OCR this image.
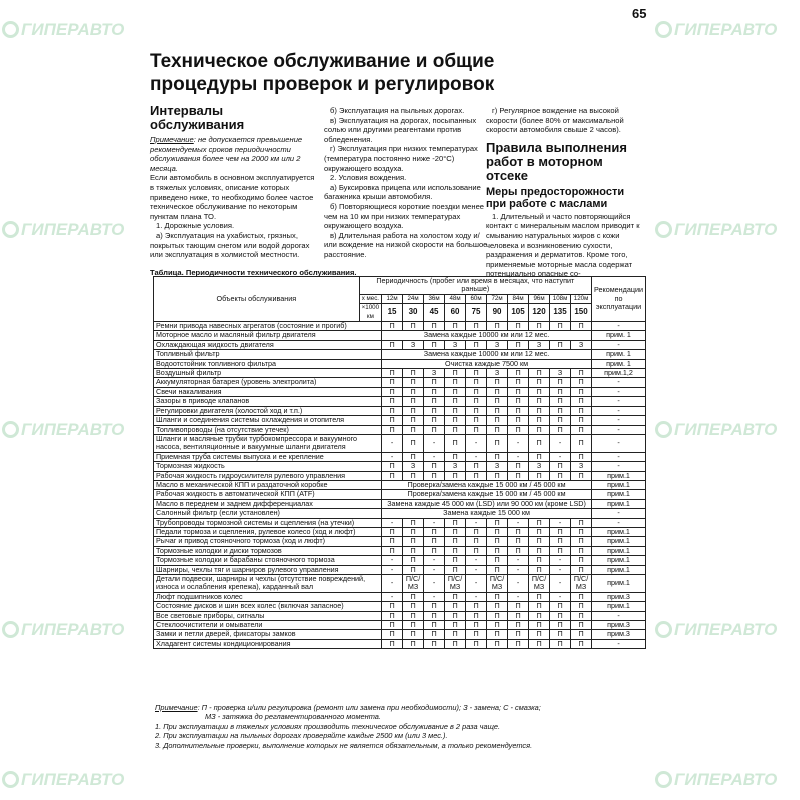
ГИПЕРАВТО	ГИПЕРАВТО
ГИПЕРАВТО	ГИПЕРАВТО
ГИПЕРАВТО	ГИПЕРАВТО
ГИПЕРАВТО	ГИПЕРАВТО
ГИПЕРАВТО	ГИПЕРАВТО
65
Техническое обслуживание и общие
процедуры проверок и регулировок
Интервалы
обслуживания

Примечание: не допускается превышение рекомендуемых сроков периодичности обслуживания более чем на 2000 км или 2 месяца.

Если автомобиль в основном эксплуатируется в тяжелых условиях, описание которых приведено ниже, то необходимо более частое техническое обслуживание по некоторым пунктам плана ТО.

1. Дорожные условия.

а) Эксплуатация на ухабистых, грязных, покрытых тающим снегом или водой дорогах или эксплуатация в холмистой местности.

б) Эксплуатация на пыльных дорогах.

в) Эксплуатация на дорогах, посыпанных солью или другими реагентами против обледенения.

г) Эксплуатация при низких температурах (температура постоянно ниже -20°С) окружающего воздуха.

2. Условия вождения.

а) Буксировка прицепа или использование багажника крыши автомобиля.

б) Повторяющиеся короткие поездки менее чем на 10 км при низких температурах окружающего воздуха.

в) Длительная работа на холостом ходу и/или вождение на низкой скорости на большое расстояние.

г) Регулярное вождение на высокой скорости (более 80% от максимальной скорости автомобиля свыше 2 часов).

Правила выполнения
работ в моторном отсеке
Меры предосторожности
при работе с маслами

1. Длительный и часто повторяющийся контакт с минеральным маслом приводит к смыванию натуральных жиров с кожи человека и возникновению сухости, раздражения и дерматитов. Кроме того, применяемые моторные масла содержат потенциально опасные со-

Таблица. Периодичности технического обслуживания.
Объекты обслуживания	Периодичность (пробег или время в месяцах, что наступит раньше)											Рекомендации по эксплуатации
	х мес.	12м	24м	36м	48м	60м	72м	84м	96м	108м	120м	
	×1000 км	15	30	45	60	75	90	105	120	135	150	
Ремни привода навесных агрегатов (состояние и прогиб)		П	П	П	П	П	П	П	П	П	П	-
Моторное масло и масляный фильтр двигателя		Замена каждые 10000 км или 12 мес.										прим. 1
Охлаждающая жидкость двигателя		П	З	П	З	П	З	П	З	П	З	-
Топливный фильтр		Замена каждые 10000 км или 12 мес.										прим. 1
Водоотстойник топливного фильтра		Очистка каждые 7500 км										прим. 1
Воздушный фильтр		П	П	З	П	П	З	П	П	З	П	прим.1,2
Аккумуляторная батарея (уровень электролита)		П	П	П	П	П	П	П	П	П	П	-
Свечи накаливания		П	П	П	П	П	П	П	П	П	П	-
Зазоры в приводе клапанов		П	П	П	П	П	П	П	П	П	П	-
Регулировки двигателя (холостой ход и т.п.)		П	П	П	П	П	П	П	П	П	П	-
Шланги и соединения системы охлаждения и отопителя		П	П	П	П	П	П	П	П	П	П	-
Топливопроводы (на отсутствие утечек)		П	П	П	П	П	П	П	П	П	П	-
Шланги и масляные трубки турбокомпрессора и вакуумного насоса, вентиляционные и вакуумные шланги двигателя		-	П	-	П	-	П	-	П	-	П	-
Приемная труба системы выпуска и ее крепление		-	П	-	П	-	П	-	П	-	П	-
Тормозная жидкость		П	З	П	З	П	З	П	З	П	З	-
Рабочая жидкость гидроусилителя рулевого управления		П	П	П	П	П	П	П	П	П	П	прим.1
Масло в механической КПП и раздаточной коробке		Проверка/замена каждые 15 000 км / 45 000 км										прим.1
Рабочая жидкость в автоматической КПП (ATF)		Проверка/замена каждые 15 000 км / 45 000 км										прим.1
Масло в переднем и заднем дифференциалах		Замена каждые 45 000 км (LSD) или 90 000 км (кроме LSD)										прим.1
Салонный фильтр (если установлен)		Замена каждые 15 000 км										-
Трубопроводы тормозной системы и сцепления (на утечки)		-	П	-	П	-	П	-	П	-	П	-
Педали тормоза и сцепления, рулевое колесо (ход и люфт)		П	П	П	П	П	П	П	П	П	П	прим.1
Рычаг и привод стояночного тормоза (ход и люфт)		П	П	П	П	П	П	П	П	П	П	прим.1
Тормозные колодки и диски тормозов		П	П	П	П	П	П	П	П	П	П	прим.1
Тормозные колодки и барабаны стояночного тормоза		-	П	-	П	-	П	-	П	-	П	прим.1
Шарниры, чехлы тяг и шарниров рулевого управления		-	П	-	П	-	П	-	П	-	П	прим.1
Детали подвески, шарниры и чехлы (отсутствие повреждений, износа и ослабления крепежа), карданный вал		-	П/С/ МЗ	-	П/С/ МЗ	-	П/С/ МЗ	-	П/С/ МЗ	-	П/С/ МЗ	прим.1
Люфт подшипников колес		-	П	-	П	-	П	-	П	-	П	прим.3
Состояние дисков и шин всех колес (включая запасное)		П	П	П	П	П	П	П	П	П	П	прим.1
Все световые приборы, сигналы		П	П	П	П	П	П	П	П	П	П	-
Стеклоочистители и омыватели		П	П	П	П	П	П	П	П	П	П	прим.3
Замки и петли дверей, фиксаторы замков		П	П	П	П	П	П	П	П	П	П	прим.3
Хладагент системы кондиционирования		П	П	П	П	П	П	П	П	П	П	-

Примечание: П - проверка и/или регулировка (ремонт или замена при необходимости); З - замена; С - смазка;

МЗ - затяжка до регламентированного момента.

1. При эксплуатации в тяжелых условиях производить техническое обслуживание в 2 раза чаще.

2. При эксплуатации на пыльных дорогах проверяйте каждые 2500 км (или 3 мес.).

3. Дополнительные проверки, выполнение которых не является обязательным, а только рекомендуется.
